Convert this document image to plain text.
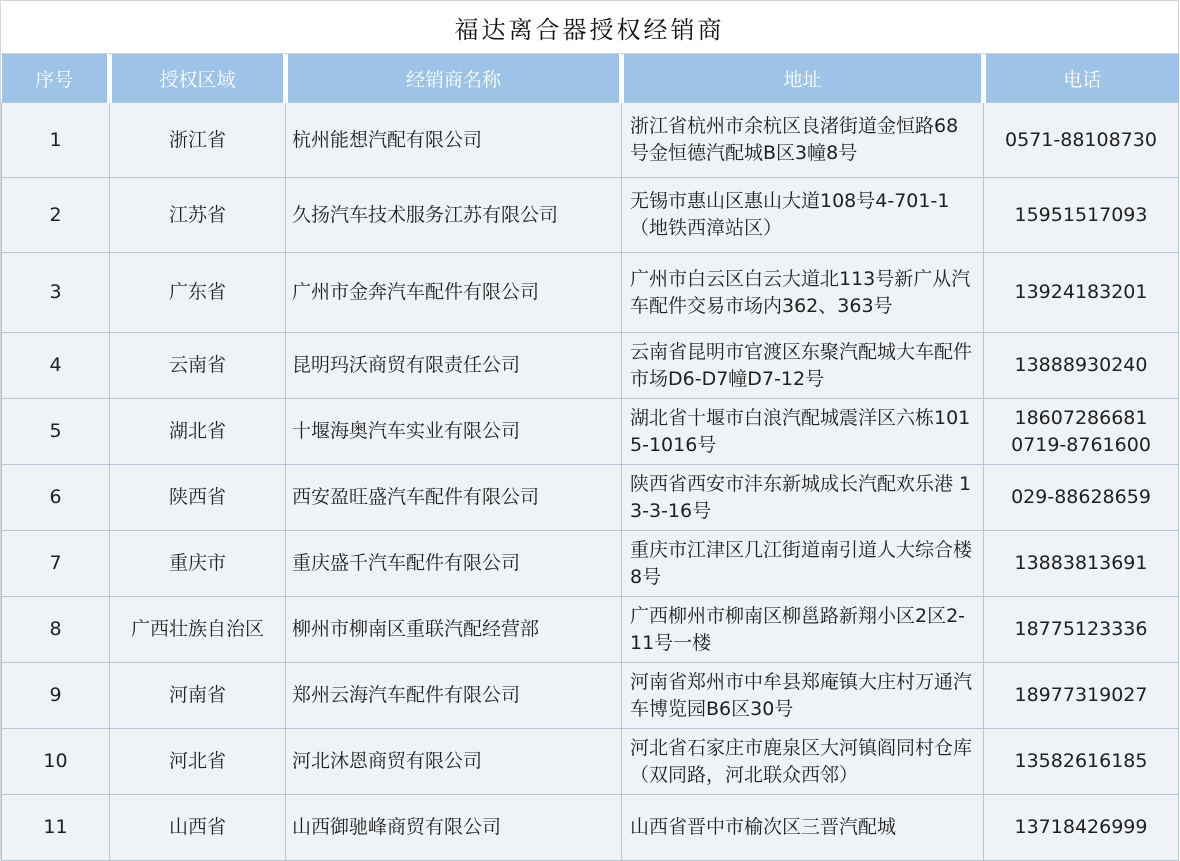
福达离合器授权经销商
序号	授权区域	经销商名称	地址	电话
1	浙江省	杭州能想汽配有限公司	浙江省杭州市余杭区良渚街道金恒路68号金恒德汽配城B区3幢8号	0571-88108730

2	江苏省	久扬汽车技术服务江苏有限公司	无锡市惠山区惠山大道108号4-701-1（地铁西漳站区）	15951517093

3	广东省	广州市金奔汽车配件有限公司	广州市白云区白云大道北113号新广从汽车配件交易市场内362、363号	13924183201

4	云南省	昆明玛沃商贸有限责任公司	云南省昆明市官渡区东聚汽配城大车配件市场D6-D7幢D7-12号	13888930240

5	湖北省	十堰海奥汽车实业有限公司	湖北省十堰市白浪汽配城震洋区六栋1015-1016号	18607286681
0719-8761600

6	陕西省	西安盈旺盛汽车配件有限公司	陕西省西安市沣东新城成长汽配欢乐港 13-3-16号	029-88628659

7	重庆市	重庆盛千汽车配件有限公司	重庆市江津区几江街道南引道人大综合楼8号	13883813691

8	广西壮族自治区	柳州市柳南区重联汽配经营部	广西柳州市柳南区柳邕路新翔小区2区2-11号一楼	18775123336

9	河南省	郑州云海汽车配件有限公司	河南省郑州市中牟县郑庵镇大庄村万通汽车博览园B6区30号	18977319027

10	河北省	河北沐恩商贸有限公司	河北省石家庄市鹿泉区大河镇阎同村仓库（双同路，河北联众西邻）	13582616185

11	山西省	山西御驰峰商贸有限公司	山西省晋中市榆次区三晋汽配城	13718426999
